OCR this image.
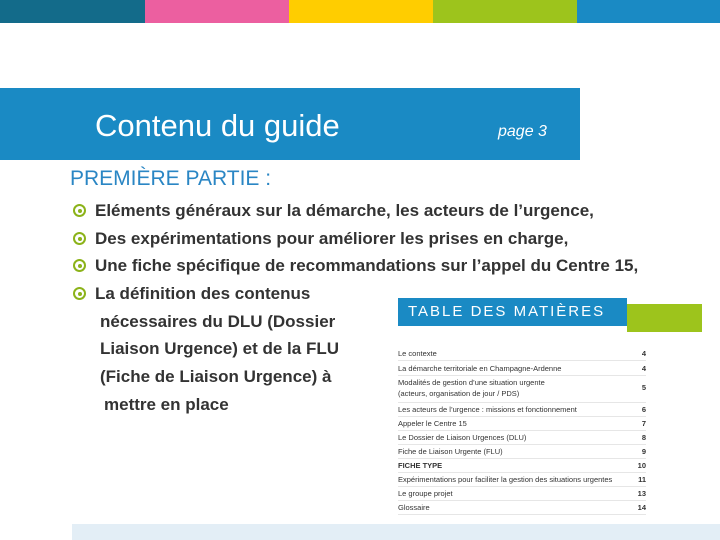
Contenu du guide	page 3
PREMIÈRE PARTIE :
Eléments généraux sur la démarche, les acteurs de l’urgence,
Des expérimentations pour améliorer les prises en charge,
Une fiche spécifique de recommandations sur l’appel du Centre 15,
La définition des contenus
nécessaires du DLU (Dossier
Liaison Urgence) et de la FLU
(Fiche de Liaison Urgence) à
mettre en place
TABLE DES MATIÈRES
Le contexte	4
La démarche territoriale en Champagne-Ardenne	4
Modalités de gestion d’une situation urgente
(acteurs, organisation de jour / PDS)
5
Les acteurs de l’urgence : missions et fonctionnement	6
Appeler le Centre 15	7
Le Dossier de Liaison Urgences (DLU)	8
Fiche de Liaison Urgente (FLU)	9
FICHE TYPE	10
Expérimentations pour faciliter la gestion des situations urgentes	11
Le groupe projet	13
Glossaire	14
